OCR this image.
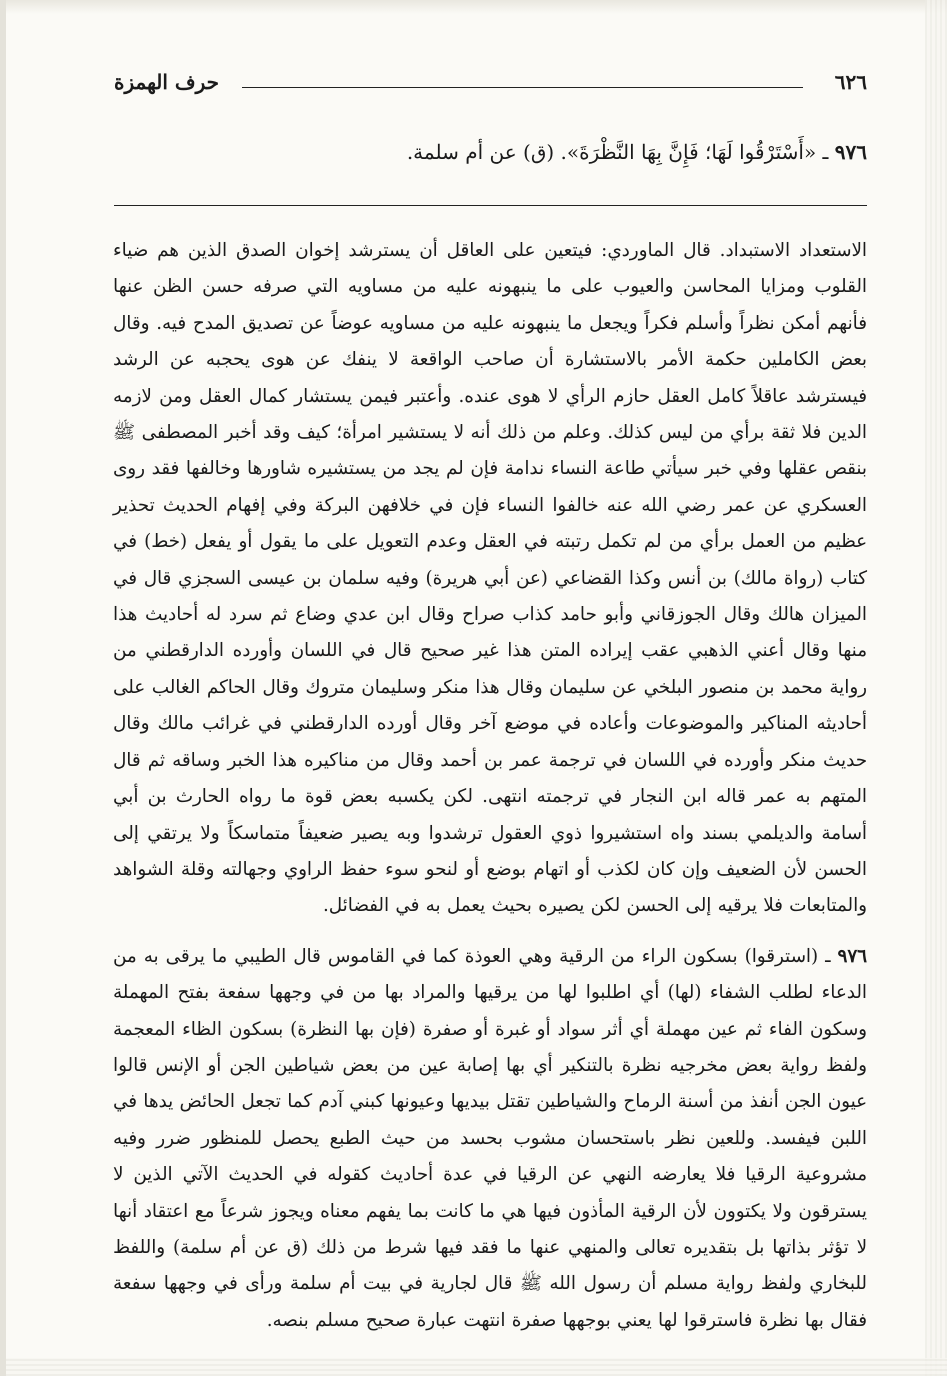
٦٢٦
حرف الهمزة
٩٧٦ ـ «أَسْتَرْقُوا لَهَا؛ فَإِنَّ بِهَا النَّظْرَةَ». (ق) عن أم سلمة.

الاستعداد الاستبداد. قال الماوردي: فيتعين على العاقل أن يسترشد إخوان الصدق الذين هم ضياء القلوب ومزايا المحاسن والعيوب على ما ينبهونه عليه من مساويه التي صرفه حسن الظن عنها فأنهم أمكن نظراً وأسلم فكراً ويجعل ما ينبهونه عليه من مساويه عوضاً عن تصديق المدح فيه. وقال بعض الكاملين حكمة الأمر بالاستشارة أن صاحب الواقعة لا ينفك عن هوى يحجبه عن الرشد فيسترشد عاقلاً كامل العقل حازم الرأي لا هوى عنده. وأعتبر فيمن يستشار كمال العقل ومن لازمه الدين فلا ثقة برأي من ليس كذلك. وعلم من ذلك أنه لا يستشير امرأة؛ كيف وقد أخبر المصطفى ﷺ بنقص عقلها وفي خبر سيأتي طاعة النساء ندامة فإن لم يجد من يستشيره شاورها وخالفها فقد روى العسكري عن عمر رضي الله عنه خالفوا النساء فإن في خلافهن البركة وفي إفهام الحديث تحذير عظيم من العمل برأي من لم تكمل رتبته في العقل وعدم التعويل على ما يقول أو يفعل (خط) في كتاب (رواة مالك) بن أنس وكذا القضاعي (عن أبي هريرة) وفيه سلمان بن عيسى السجزي قال في الميزان هالك وقال الجوزقاني وأبو حامد كذاب صراح وقال ابن عدي وضاع ثم سرد له أحاديث هذا منها وقال أعني الذهبي عقب إيراده المتن هذا غير صحيح قال في اللسان وأورده الدارقطني من رواية محمد بن منصور البلخي عن سليمان وقال هذا منكر وسليمان متروك وقال الحاكم الغالب على أحاديثه المناكير والموضوعات وأعاده في موضع آخر وقال أورده الدارقطني في غرائب مالك وقال حديث منكر وأورده في اللسان في ترجمة عمر بن أحمد وقال من مناكيره هذا الخبر وساقه ثم قال المتهم به عمر قاله ابن النجار في ترجمته انتهى. لكن يكسبه بعض قوة ما رواه الحارث بن أبي أسامة والديلمي بسند واه استشيروا ذوي العقول ترشدوا وبه يصير ضعيفاً متماسكاً ولا يرتقي إلى الحسن لأن الضعيف وإن كان لكذب أو اتهام بوضع أو لنحو سوء حفظ الراوي وجهالته وقلة الشواهد والمتابعات فلا يرقيه إلى الحسن لكن يصيره بحيث يعمل به في الفضائل.

٩٧٦ ـ (استرقوا) بسكون الراء من الرقية وهي العوذة كما في القاموس قال الطيبي ما يرقى به من الدعاء لطلب الشفاء (لها) أي اطلبوا لها من يرقيها والمراد بها من في وجهها سفعة بفتح المهملة وسكون الفاء ثم عين مهملة أي أثر سواد أو غبرة أو صفرة (فإن بها النظرة) بسكون الظاء المعجمة ولفظ رواية بعض مخرجيه نظرة بالتنكير أي بها إصابة عين من بعض شياطين الجن أو الإنس قالوا عيون الجن أنفذ من أسنة الرماح والشياطين تقتل بيديها وعيونها كبني آدم كما تجعل الحائض يدها في اللبن فيفسد. وللعين نظر باستحسان مشوب بحسد من حيث الطبع يحصل للمنظور ضرر وفيه مشروعية الرقيا فلا يعارضه النهي عن الرقيا في عدة أحاديث كقوله في الحديث الآتي الذين لا يسترقون ولا يكتوون لأن الرقية المأذون فيها هي ما كانت بما يفهم معناه ويجوز شرعاً مع اعتقاد أنها لا تؤثر بذاتها بل بتقديره تعالى والمنهي عنها ما فقد فيها شرط من ذلك (ق عن أم سلمة) واللفظ للبخاري ولفظ رواية مسلم أن رسول الله ﷺ قال لجارية في بيت أم سلمة ورأى في وجهها سفعة فقال بها نظرة فاسترقوا لها يعني بوجهها صفرة انتهت عبارة صحيح مسلم بنصه.
